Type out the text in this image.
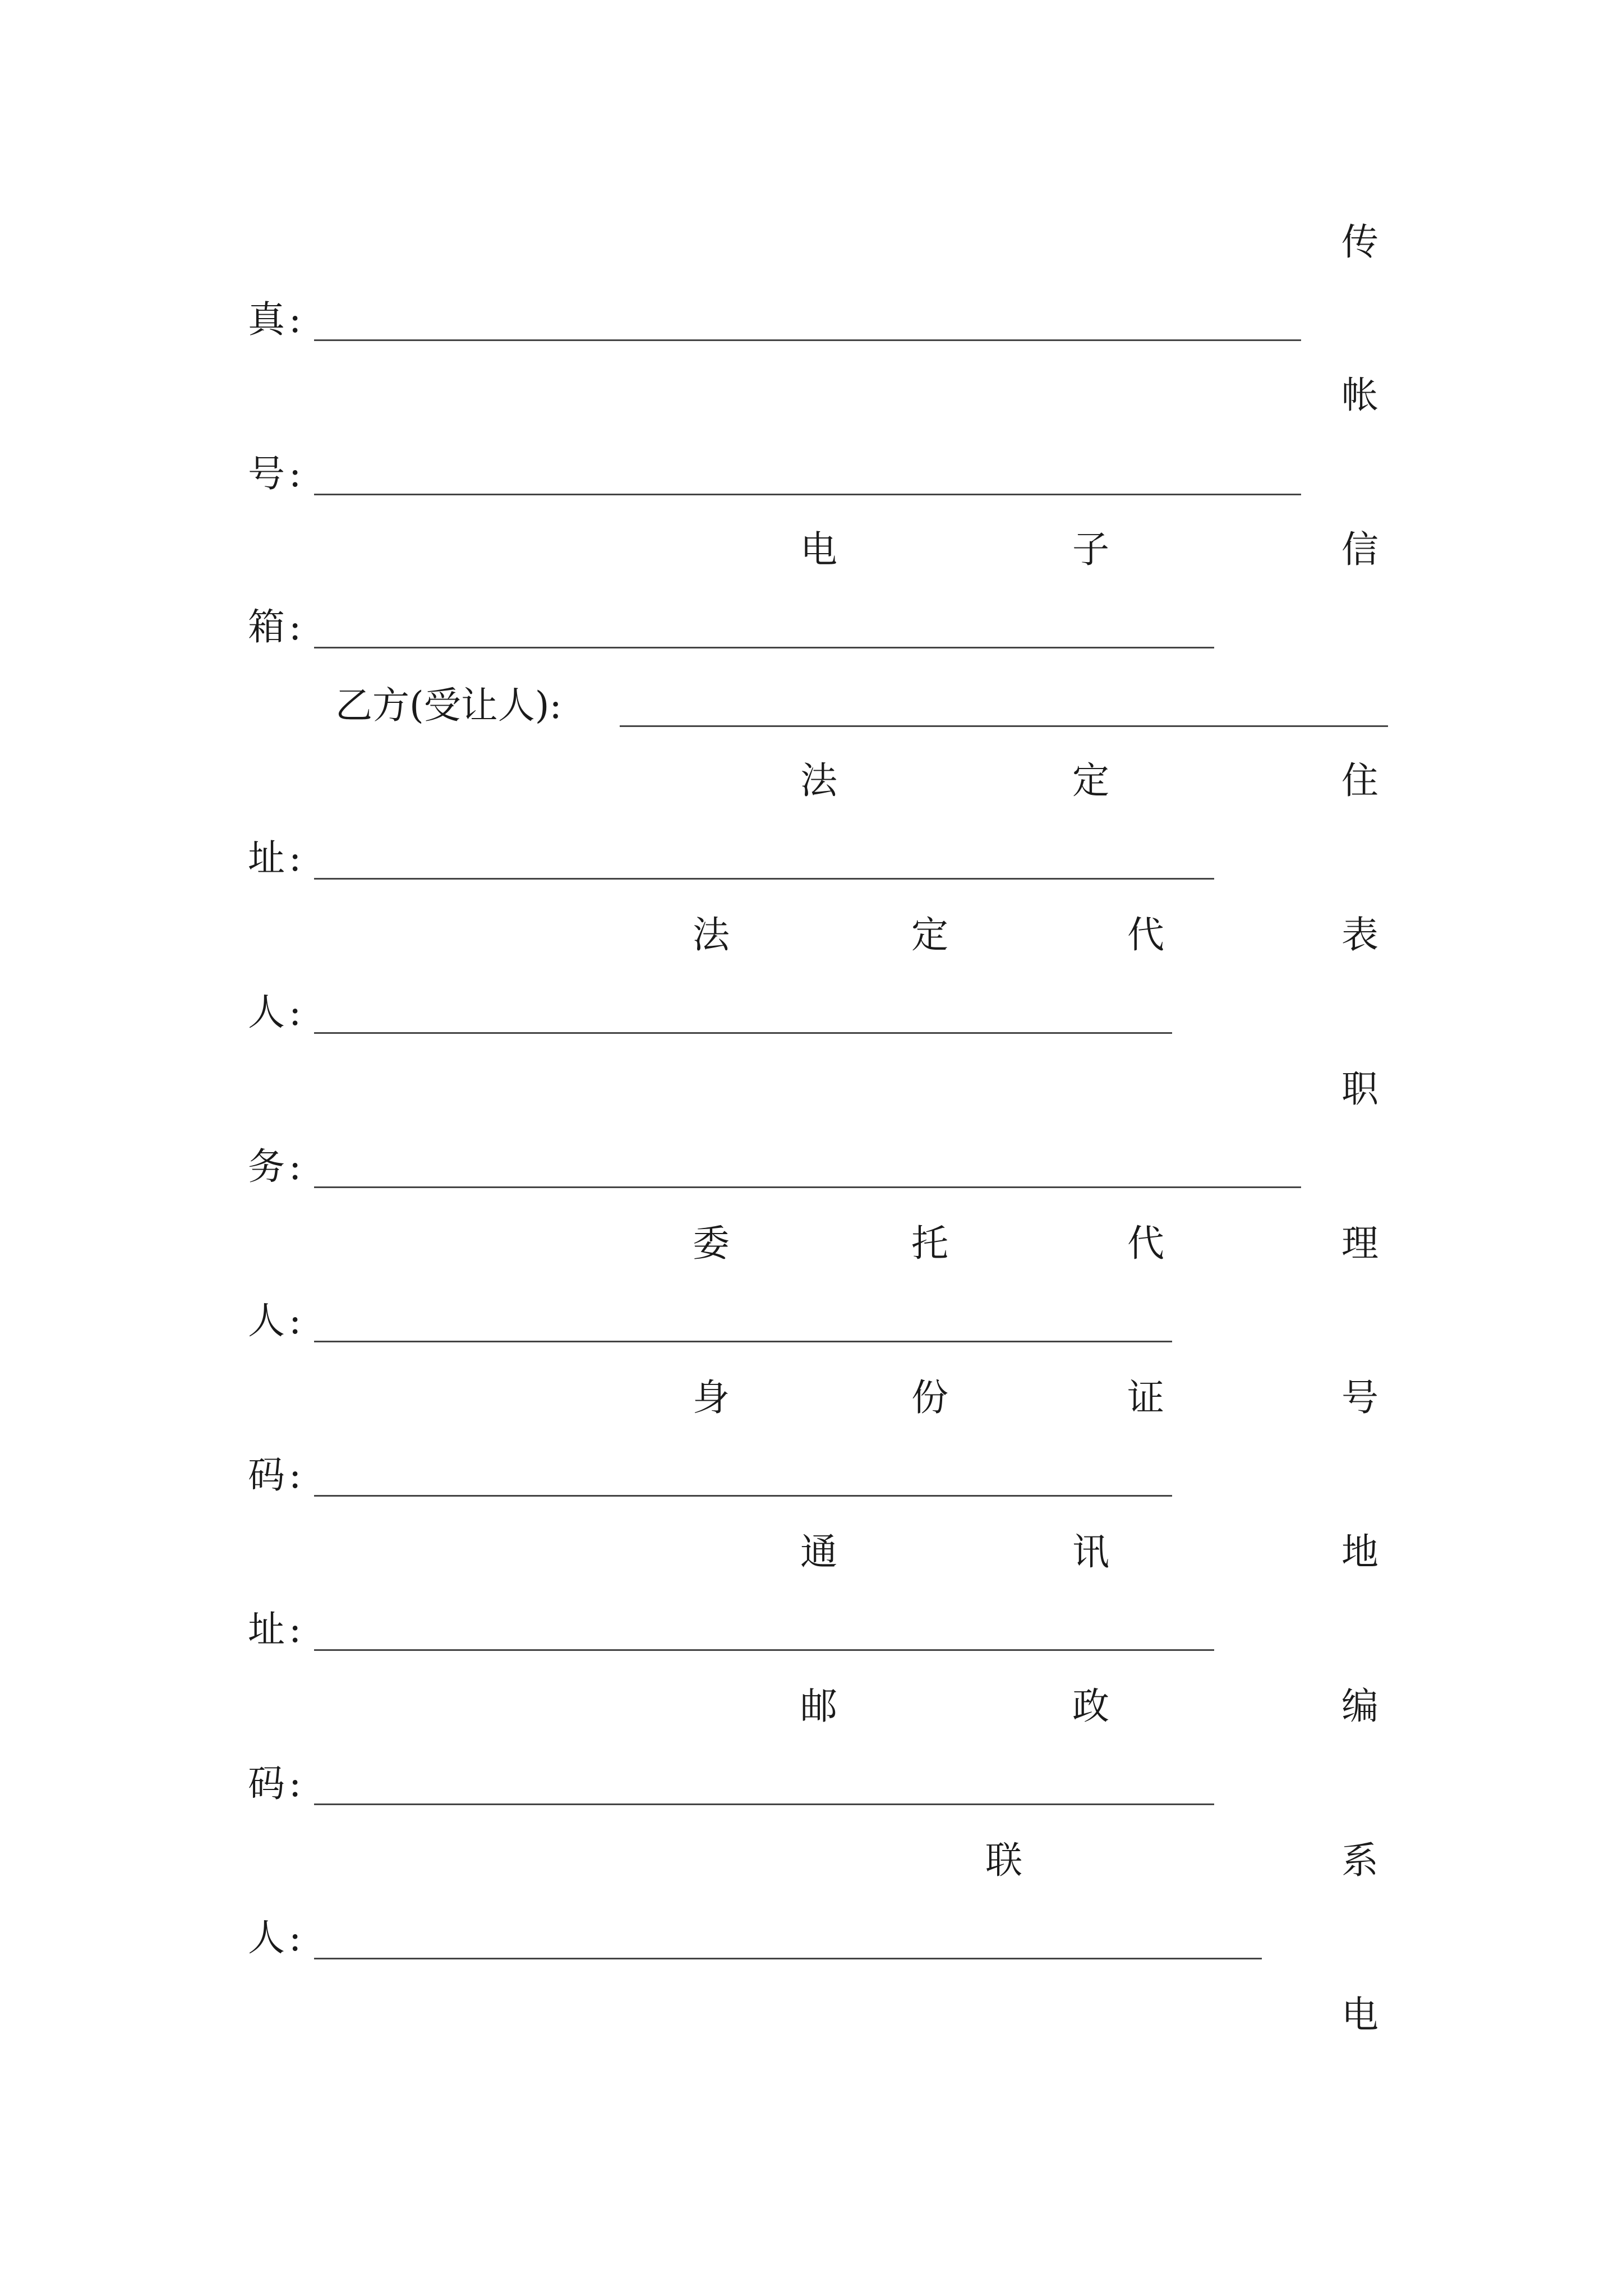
传
真 :
帐
号 :
电	子	信
箱 :
乙方(受让人):
法	定	住
址 :
法	定	代	表
人 :
职
务 :
委	托	代	理
人 :
身	份	证	号
码 :
通	讯	地
址 :
邮	政	编
码 :
联	系
人 :
电
